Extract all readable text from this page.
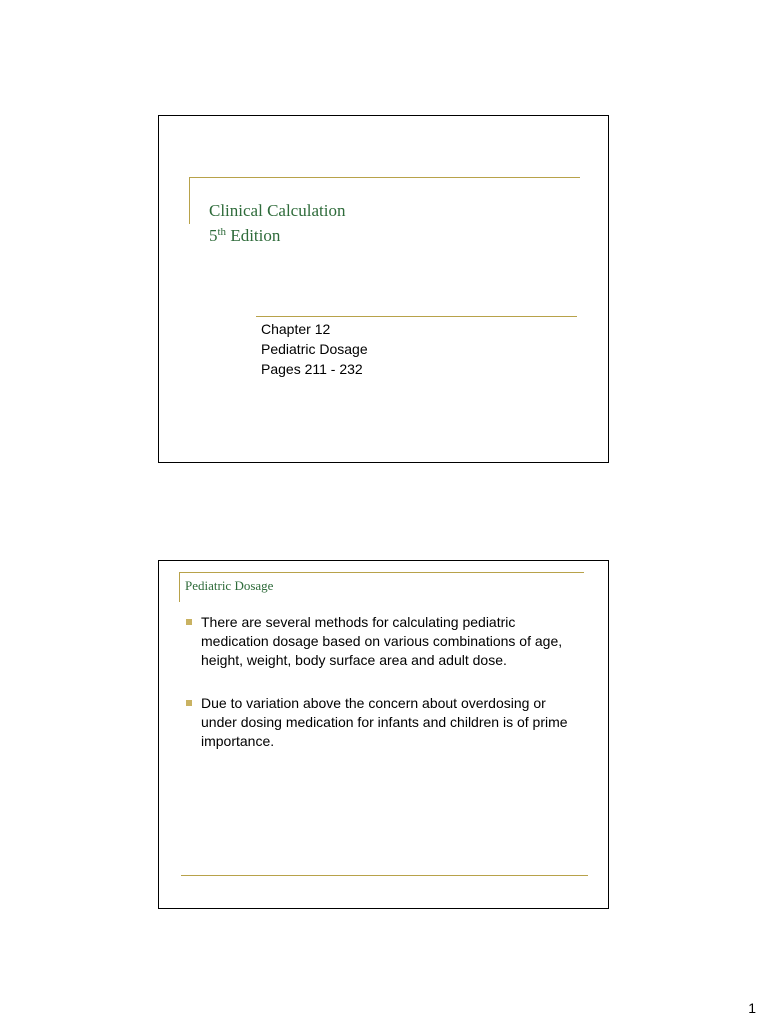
Clinical Calculation
5th Edition
Chapter 12
Pediatric Dosage
Pages 211 - 232
Pediatric Dosage
There are several methods for calculating pediatric medication dosage based on various combinations of age, height, weight, body surface area and adult dose.
Due to variation above the concern about overdosing or under dosing medication for infants and children is of prime importance.
1
